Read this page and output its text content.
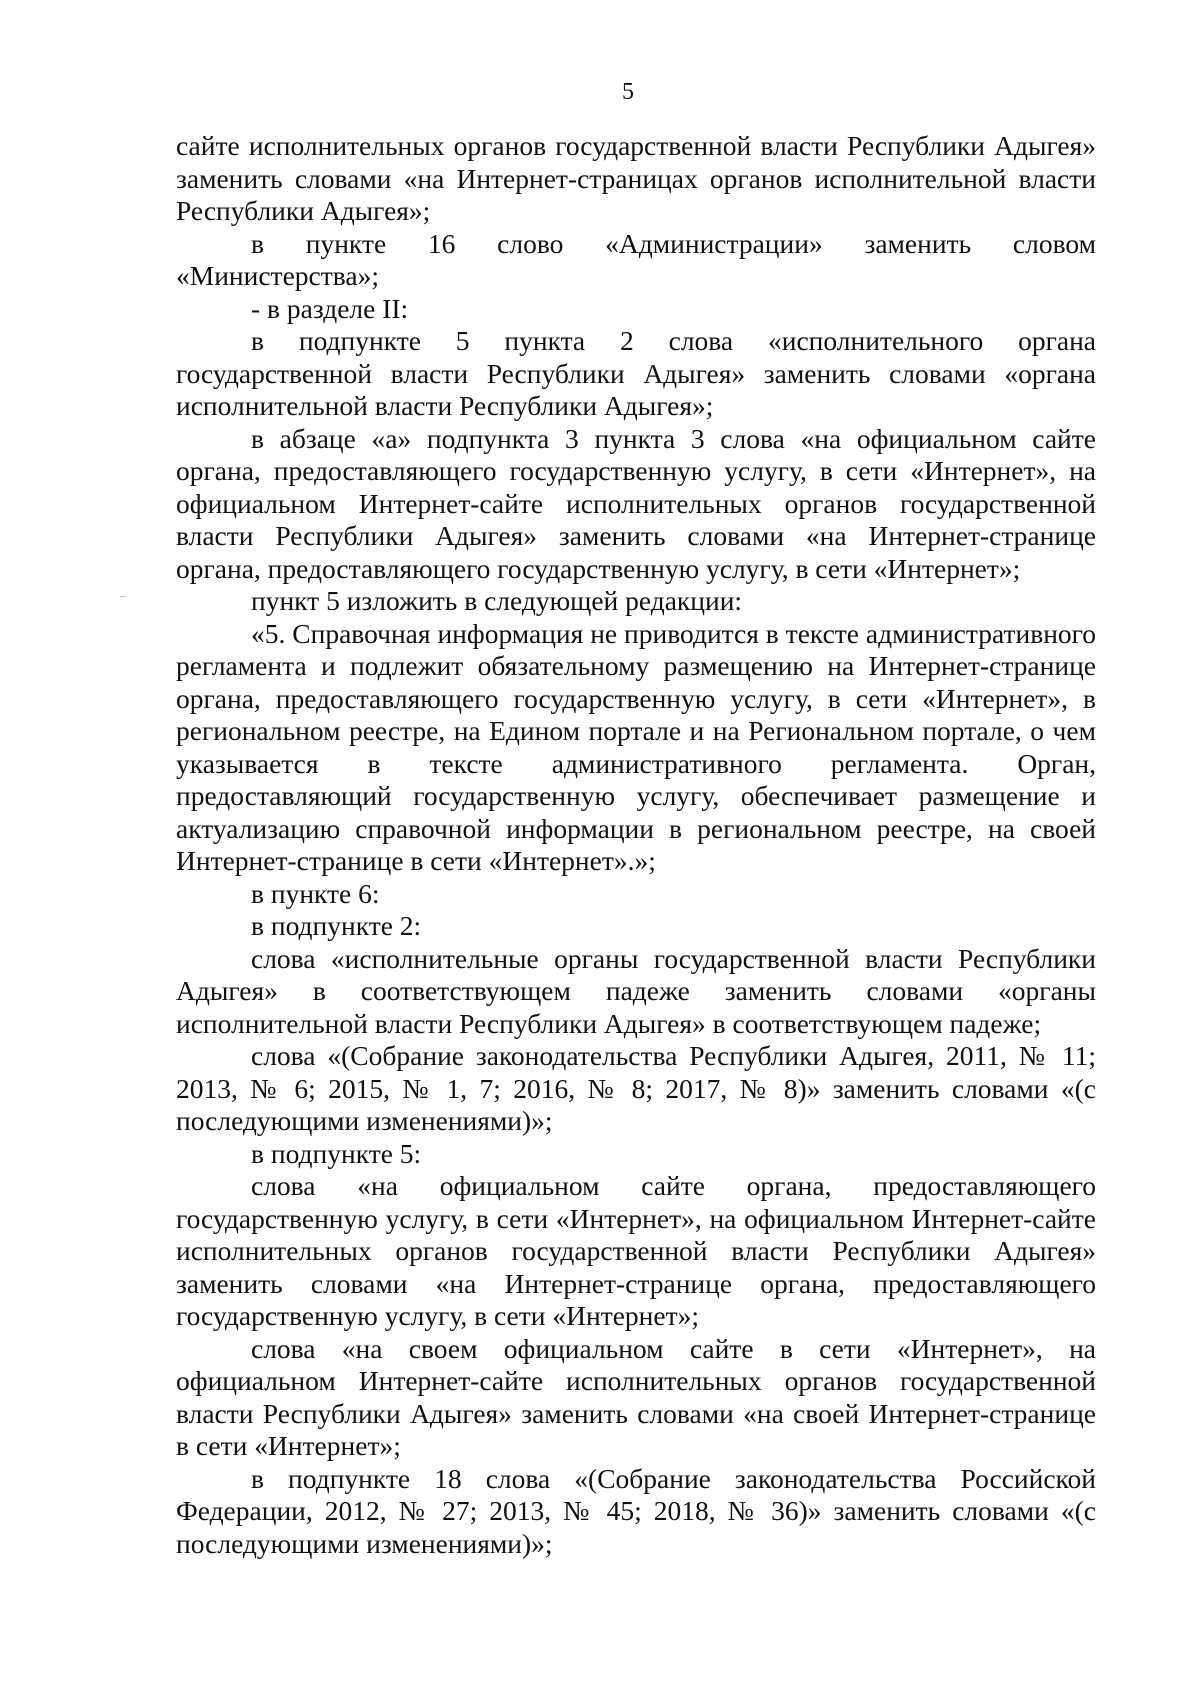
5

сайте исполнительных органов государственной власти Республики Адыгея» заменить словами «на Интернет-страницах органов исполнительной власти Республики Адыгея»;

в пункте 16 слово «Администрации» заменить словом «Министерства»;

- в разделе II:

в подпункте 5 пункта 2 слова «исполнительного органа государственной власти Республики Адыгея» заменить словами «органа исполнительной власти Республики Адыгея»;

в абзаце «а» подпункта 3 пункта 3 слова «на официальном сайте органа, предоставляющего государственную услугу, в сети «Интернет», на официальном Интернет-сайте исполнительных органов государственной власти Республики Адыгея» заменить словами «на Интернет-странице органа, предоставляющего государственную услугу, в сети «Интернет»;

пункт 5 изложить в следующей редакции:

«5. Справочная информация не приводится в тексте административного регламента и подлежит обязательному размещению на Интернет-странице органа, предоставляющего государственную услугу, в сети «Интернет», в региональном реестре, на Едином портале и на Региональном портале, о чем указывается в тексте административного регламента. Орган, предоставляющий государственную услугу, обеспечивает размещение и актуализацию справочной информации в региональном реестре, на своей Интернет-странице в сети «Интернет».»;

в пункте 6:

в подпункте 2:

слова «исполнительные органы государственной власти Республики Адыгея» в соответствующем падеже заменить словами «органы исполнительной власти Республики Адыгея» в соответствующем падеже;

слова «(Собрание законодательства Республики Адыгея, 2011, № 11; 2013, № 6; 2015, № 1, 7; 2016, № 8; 2017, № 8)» заменить словами «(с последующими изменениями)»;

в подпункте 5:

слова «на официальном сайте органа, предоставляющего государственную услугу, в сети «Интернет», на официальном Интернет-сайте исполнительных органов государственной власти Республики Адыгея» заменить словами «на Интернет-странице органа, предоставляющего государственную услугу, в сети «Интернет»;

слова «на своем официальном сайте в сети «Интернет», на официальном Интернет-сайте исполнительных органов государственной власти Республики Адыгея» заменить словами «на своей Интернет-странице в сети «Интернет»;

в подпункте 18 слова «(Собрание законодательства Российской Федерации, 2012, № 27; 2013, № 45; 2018, № 36)» заменить словами «(с последующими изменениями)»;
